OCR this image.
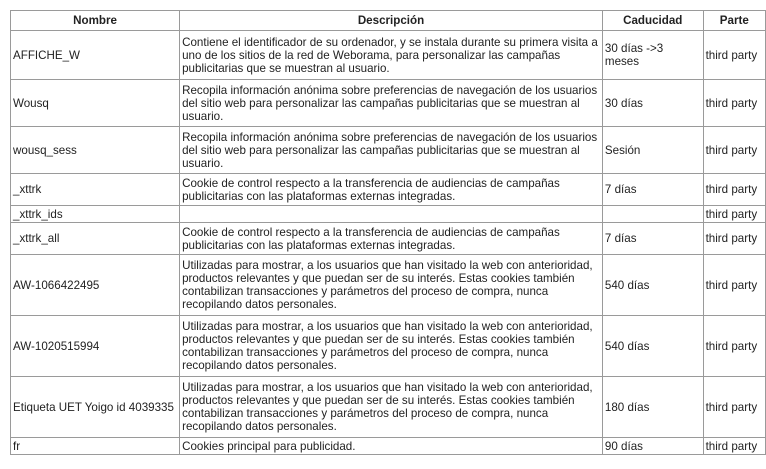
Nombre	Descripción	Caducidad	Parte
AFFICHE_W	Contiene el identificador de su ordenador, y se instala durante su primera visita a uno de los sitios de la red de Weborama, para personalizar las campañas publicitarias que se muestran al usuario.	30 días ->3 meses	third party
Wousq	Recopila información anónima sobre preferencias de navegación de los usuarios del sitio web para personalizar las campañas publicitarias que se muestran al usuario.	30 días	third party
wousq_sess	Recopila información anónima sobre preferencias de navegación de los usuarios del sitio web para personalizar las campañas publicitarias que se muestran al usuario.	Sesión	third party
_xttrk	Cookie de control respecto a la transferencia de audiencias de campañas publicitarias con las plataformas externas integradas.	7 días	third party
_xttrk_ids			third party
_xttrk_all	Cookie de control respecto a la transferencia de audiencias de campañas publicitarias con las plataformas externas integradas.	7 días	third party
AW-1066422495	Utilizadas para mostrar, a los usuarios que han visitado la web con anterioridad, productos relevantes y que puedan ser de su interés. Estas cookies también contabilizan transacciones y parámetros del proceso de compra, nunca recopilando datos personales.	540 días	third party
AW-1020515994	Utilizadas para mostrar, a los usuarios que han visitado la web con anterioridad, productos relevantes y que puedan ser de su interés. Estas cookies también contabilizan transacciones y parámetros del proceso de compra, nunca recopilando datos personales.	540 días	third party
Etiqueta UET Yoigo id 4039335	Utilizadas para mostrar, a los usuarios que han visitado la web con anterioridad, productos relevantes y que puedan ser de su interés. Estas cookies también contabilizan transacciones y parámetros del proceso de compra, nunca recopilando datos personales.	180 días	third party
fr	Cookies principal para publicidad.	90 días	third party
